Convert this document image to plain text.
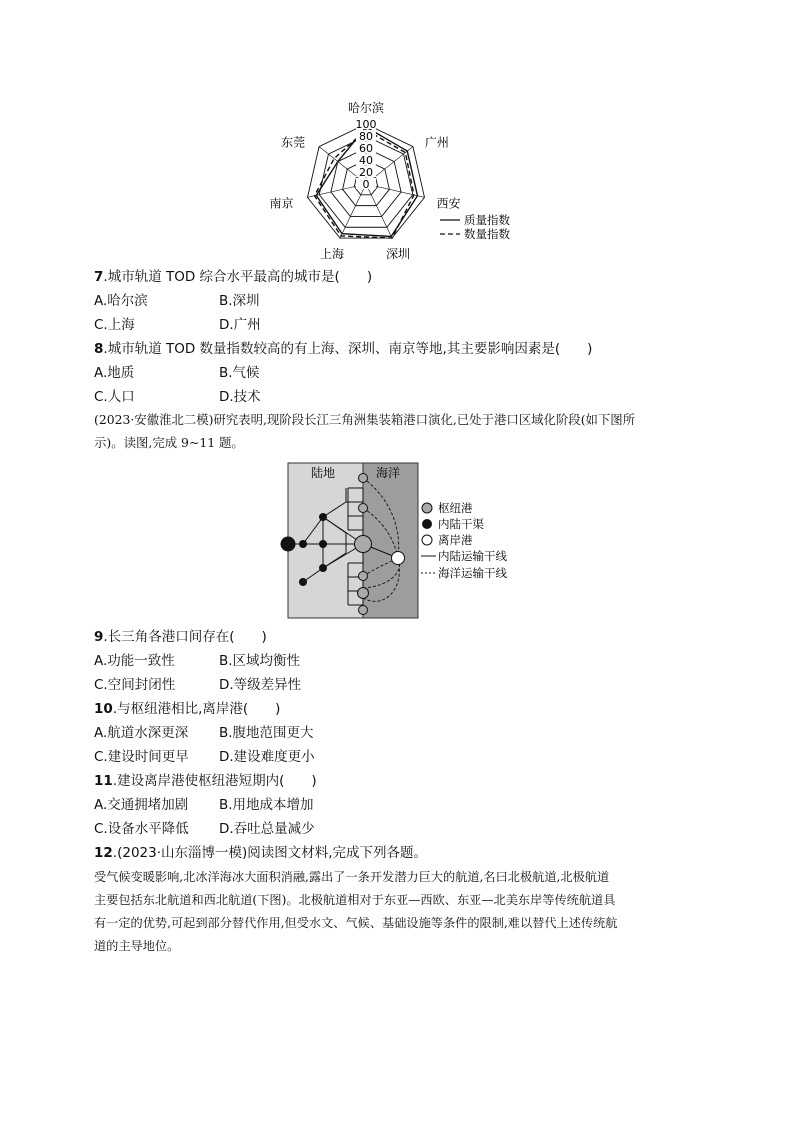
0
20
40
60
80
100
哈尔滨
广州
西安
深圳
上海
南京
东莞
质量指数
数量指数
7.城市轨道 TOD 综合水平最高的城市是(　　)
A.哈尔滨	B.深圳
C.上海	D.广州
8.城市轨道 TOD 数量指数较高的有上海、深圳、南京等地,其主要影响因素是(　　)
A.地质	B.气候
C.人口	D.技术
(2023·安徽淮北二模)研究表明,现阶段长江三角洲集装箱港口演化,已处于港口区域化阶段(如下图所
示)。读图,完成 9~11 题。
陆地	海洋
枢纽港
内陆干渠
离岸港
内陆运输干线
海洋运输干线
9.长三角各港口间存在(　　)
A.功能一致性	B.区域均衡性
C.空间封闭性	D.等级差异性
10.与枢纽港相比,离岸港(　　)
A.航道水深更深 B.腹地范围更大
C.建设时间更早 D.建设难度更小
11.建设离岸港使枢纽港短期内(　　)
A.交通拥堵加剧 B.用地成本增加
C.设备水平降低 D.吞吐总量减少
12.(2023·山东淄博一模)阅读图文材料,完成下列各题。
受气候变暖影响,北冰洋海冰大面积消融,露出了一条开发潜力巨大的航道,名曰北极航道,北极航道
主要包括东北航道和西北航道(下图)。北极航道相对于东亚—西欧、东亚—北美东岸等传统航道具
有一定的优势,可起到部分替代作用,但受水文、气候、基础设施等条件的限制,难以替代上述传统航
道的主导地位。
